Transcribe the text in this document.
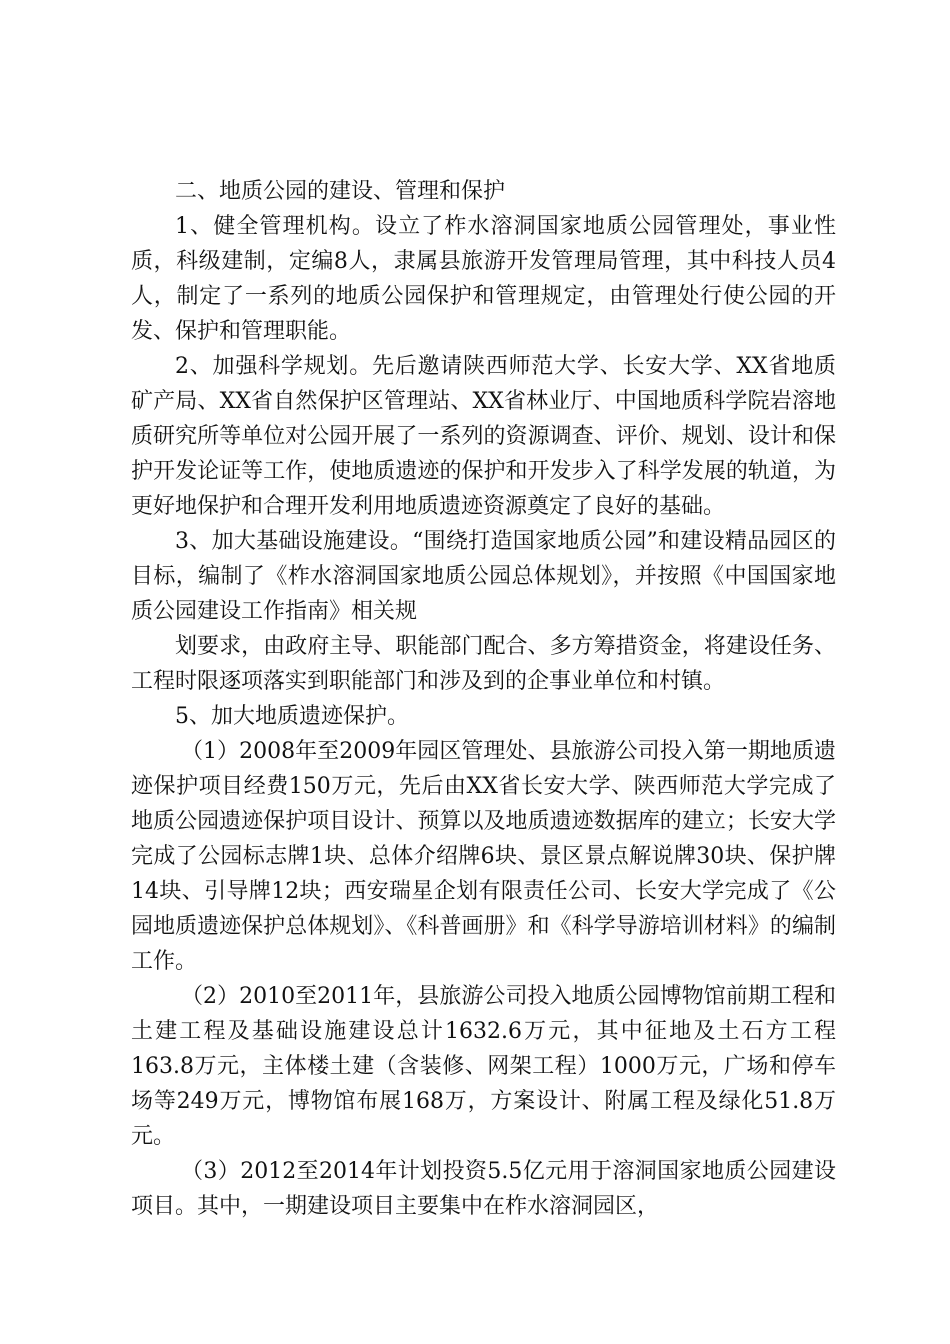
二、地质公园的建设、管理和保护

1、健全管理机构。设立了柞水溶洞国家地质公园管理处，事业性质，科级建制，定编8人，隶属县旅游开发管理局管理，其中科技人员4人，制定了一系列的地质公园保护和管理规定，由管理处行使公园的开发、保护和管理职能。

2、加强科学规划。先后邀请陕西师范大学、长安大学、XX省地质矿产局、XX省自然保护区管理站、XX省林业厅、中国地质科学院岩溶地质研究所等单位对公园开展了一系列的资源调查、评价、规划、设计和保护开发论证等工作，使地质遗迹的保护和开发步入了科学发展的轨道，为更好地保护和合理开发利用地质遗迹资源奠定了良好的基础。

3、加大基础设施建设。“围绕打造国家地质公园”和建设精品园区的目标，编制了《柞水溶洞国家地质公园总体规划》，并按照《中国国家地质公园建设工作指南》相关规

划要求，由政府主导、职能部门配合、多方筹措资金，将建设任务、工程时限逐项落实到职能部门和涉及到的企事业单位和村镇。

5、加大地质遗迹保护。

（1）2008年至2009年园区管理处、县旅游公司投入第一期地质遗迹保护项目经费150万元，先后由XX省长安大学、陕西师范大学完成了地质公园遗迹保护项目设计、预算以及地质遗迹数据库的建立；长安大学完成了公园标志牌1块、总体介绍牌6块、景区景点解说牌30块、保护牌14块、引导牌12块；西安瑞星企划有限责任公司、长安大学完成了《公园地质遗迹保护总体规划》、《科普画册》和《科学导游培训材料》的编制工作。

（2）2010至2011年，县旅游公司投入地质公园博物馆前期工程和土建工程及基础设施建设总计1632.6万元，其中征地及土石方工程163.8万元，主体楼土建（含装修、网架工程）1000万元，广场和停车场等249万元，博物馆布展168万，方案设计、附属工程及绿化51.8万元。

（3）2012至2014年计划投资5.5亿元用于溶洞国家地质公园建设项目。其中，一期建设项目主要集中在柞水溶洞园区，
